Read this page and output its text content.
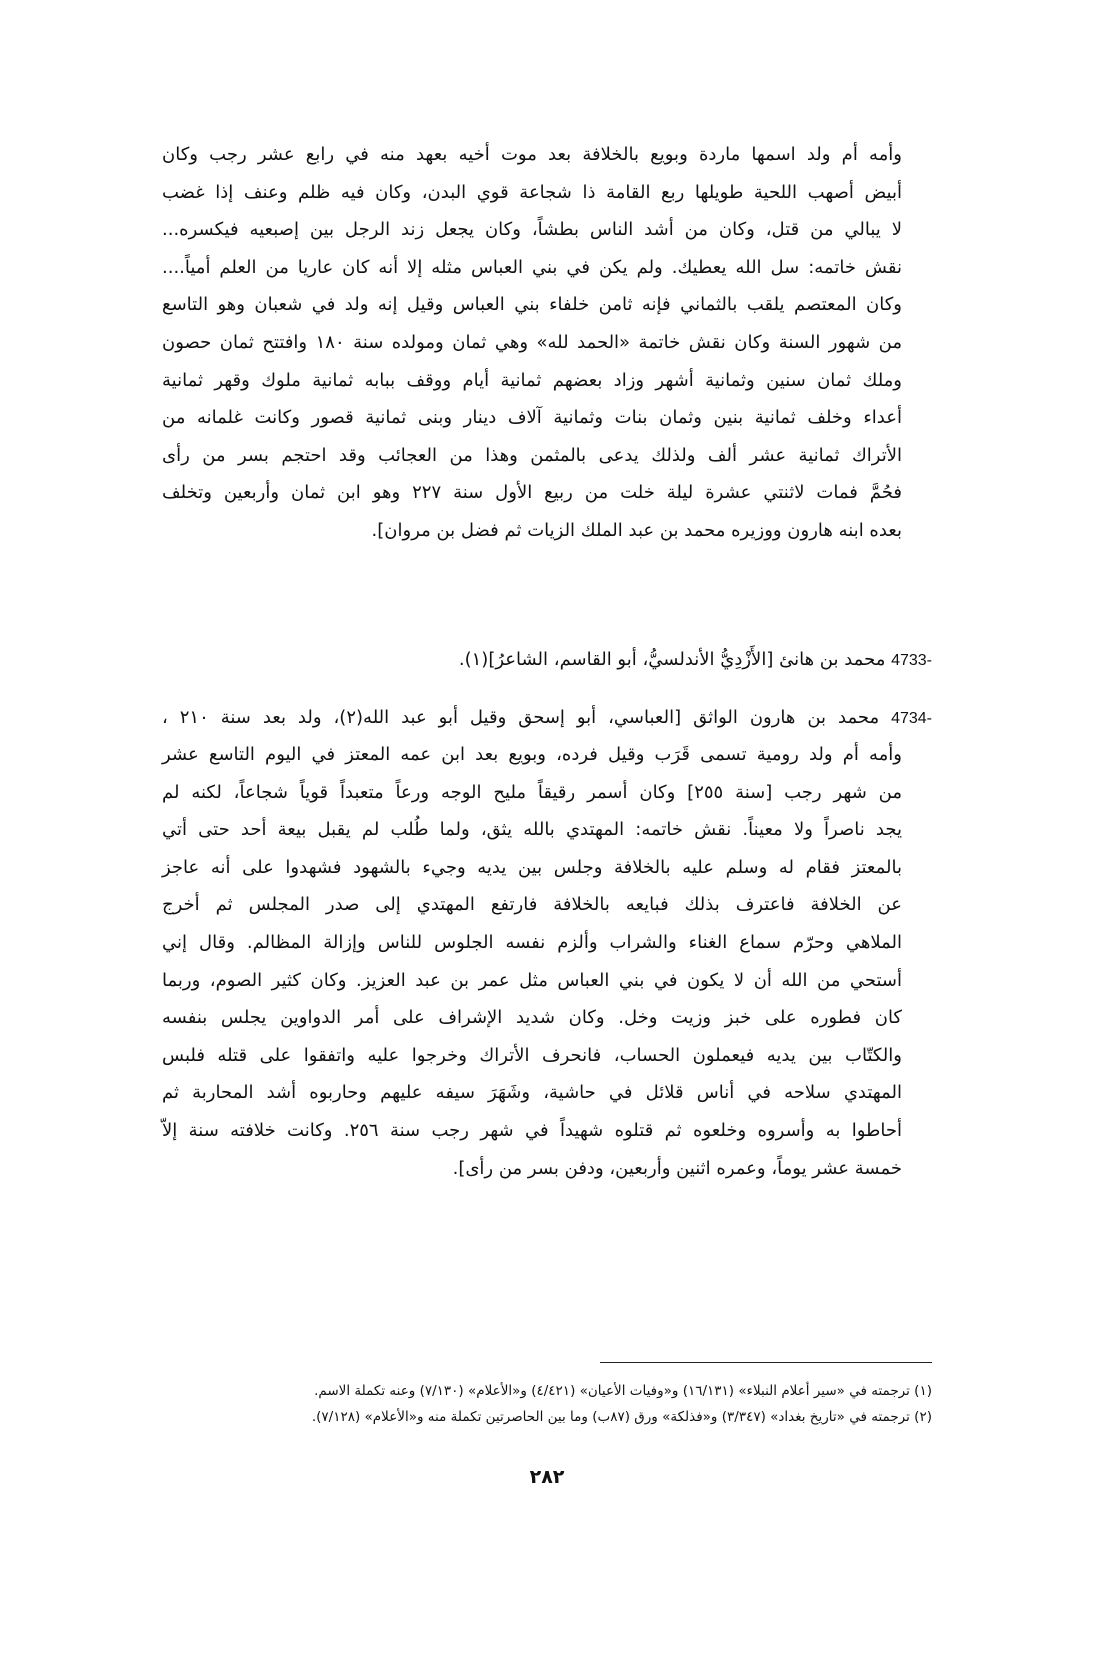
وأمه أم ولد اسمها ماردة وبويع بالخلافة بعد موت أخيه بعهد منه في رابع عشر رجب وكان
أبيض أصهب اللحية طويلها ربع القامة ذا شجاعة قوي البدن، وكان فيه ظلم وعنف إذا غضب
لا يبالي من قتل، وكان من أشد الناس بطشاً، وكان يجعل زند الرجل بين إصبعيه فيكسره...
نقش خاتمه: سل الله يعطيك. ولم يكن في بني العباس مثله إلا أنه كان عاريا من العلم أمياً....
وكان المعتصم يلقب بالثماني فإنه ثامن خلفاء بني العباس وقيل إنه ولد في شعبان وهو التاسع
من شهور السنة وكان نقش خاتمة «الحمد لله» وهي ثمان ومولده سنة ١٨٠ وافتتح ثمان حصون
وملك ثمان سنين وثمانية أشهر وزاد بعضهم ثمانية أيام ووقف ببابه ثمانية ملوك وقهر ثمانية
أعداء وخلف ثمانية بنين وثمان بنات وثمانية آلاف دينار وبنى ثمانية قصور وكانت غلمانه من
الأتراك ثمانية عشر ألف ولذلك يدعى بالمثمن وهذا من العجائب وقد احتجم بسر من رأى
فحُمَّ فمات لاثنتي عشرة ليلة خلت من ربيع الأول سنة ٢٢٧ وهو ابن ثمان وأربعين وتخلف
بعده ابنه هارون ووزيره محمد بن عبد الملك الزيات ثم فضل بن مروان].
4733- محمد بن هانئ [الأَزْدِيُّ الأندلسيُّ، أبو القاسم، الشاعرُ](١).
4734- محمد بن هارون الواثق [العباسي، أبو إسحق وقيل أبو عبد الله(٢)، ولد بعد سنة ٢١٠ ،
وأمه أم ولد رومية تسمى قَرَب وقيل فرده، وبويع بعد ابن عمه المعتز في اليوم التاسع عشر
من شهر رجب [سنة ٢٥٥] وكان أسمر رقيقاً مليح الوجه ورعاً متعبداً قوياً شجاعاً، لكنه لم
يجد ناصراً ولا معيناً. نقش خاتمه: المهتدي بالله يثق، ولما طُلب لم يقبل بيعة أحد حتى أتي
بالمعتز فقام له وسلم عليه بالخلافة وجلس بين يديه وجيء بالشهود فشهدوا على أنه عاجز
عن الخلافة فاعترف بذلك فبايعه بالخلافة فارتفع المهتدي إلى صدر المجلس ثم أخرج
الملاهي وحرّم سماع الغناء والشراب وألزم نفسه الجلوس للناس وإزالة المظالم. وقال إني
أستحي من الله أن لا يكون في بني العباس مثل عمر بن عبد العزيز. وكان كثير الصوم، وربما
كان فطوره على خبز وزيت وخل. وكان شديد الإشراف على أمر الدواوين يجلس بنفسه
والكتّاب بين يديه فيعملون الحساب، فانحرف الأتراك وخرجوا عليه واتفقوا على قتله فلبس
المهتدي سلاحه في أناس قلائل في حاشية، وشَهَرَ سيفه عليهم وحاربوه أشد المحاربة ثم
أحاطوا به وأسروه وخلعوه ثم قتلوه شهيداً في شهر رجب سنة ٢٥٦. وكانت خلافته سنة إلاّ
خمسة عشر يوماً، وعمره اثنين وأربعين، ودفن بسر من رأى].
(١) ترجمته في «سير أعلام النبلاء» (١٦/١٣١) و«وفيات الأعيان» (٤/٤٢١) و«الأعلام» (٧/١٣٠) وعنه تكملة الاسم.
(٢) ترجمته في «تاريخ بغداد» (٣/٣٤٧) و«فذلكة» ورق (٨٧ب) وما بين الحاصرتين تكملة منه و«الأعلام» (٧/١٢٨).
٢٨٢
